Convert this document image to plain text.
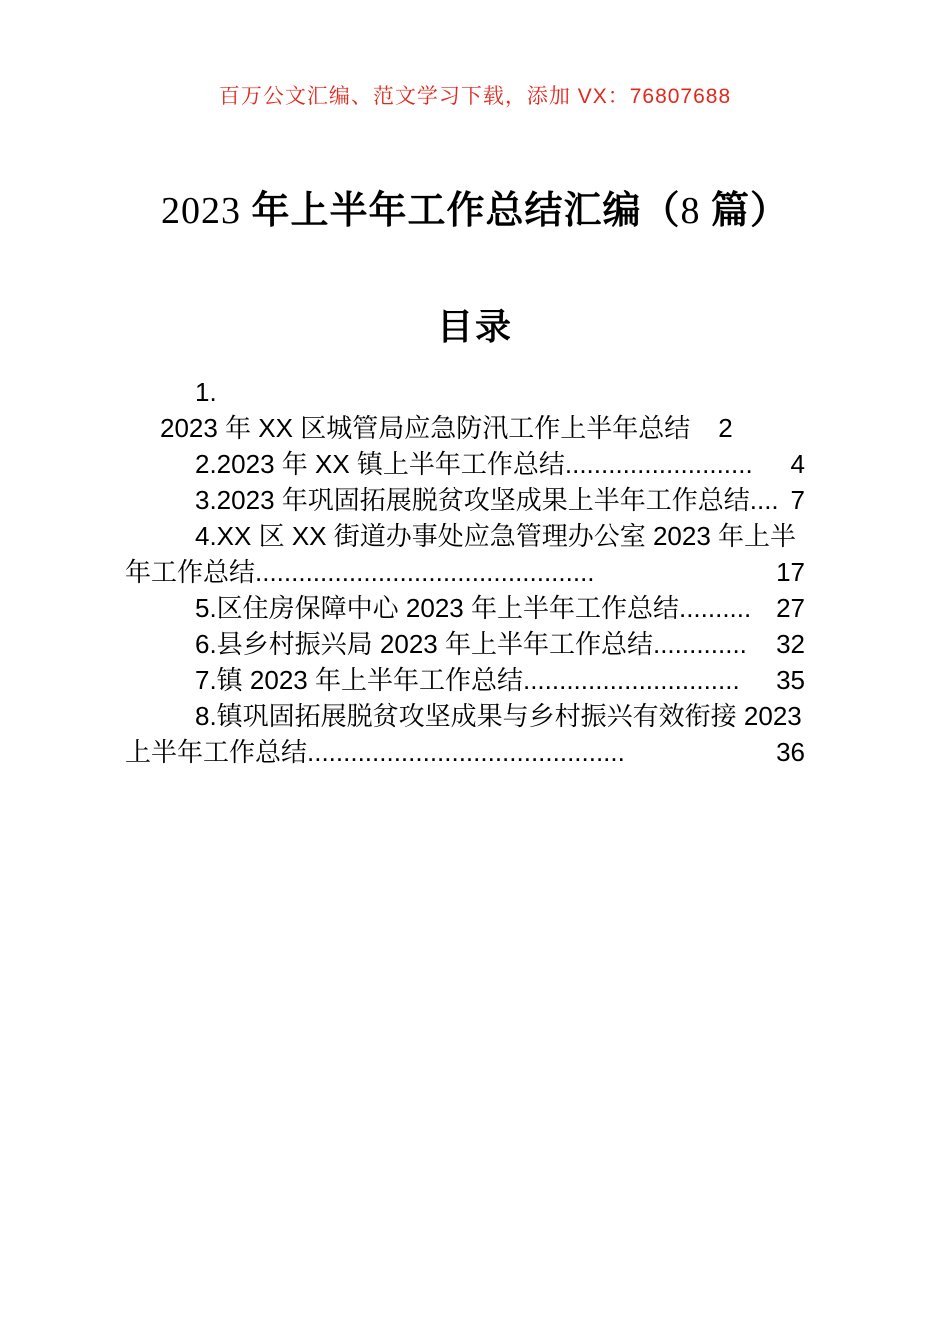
百万公文汇编、范文学习下载，添加 VX：76807688
2023 年上半年工作总结汇编（8 篇）
目录
1.
2023 年 XX 区城管局应急防汛工作上半年总结 2
2.2023 年 XX 镇上半年工作总结 ..........................	4
3.2023 年巩固拓展脱贫攻坚成果上半年工作总结 .... 7
4.XX 区 XX 街道办事处应急管理办公室 2023 年上半
年工作总结 ...............................................	17
5.区住房保障中心 2023 年上半年工作总结 .......... 27
6.县乡村振兴局 2023 年上半年工作总结 .............	32
7.镇 2023 年上半年工作总结 ..............................	35
8.镇巩固拓展脱贫攻坚成果与乡村振兴有效衔接 2023
上半年工作总结 ............................................	36
